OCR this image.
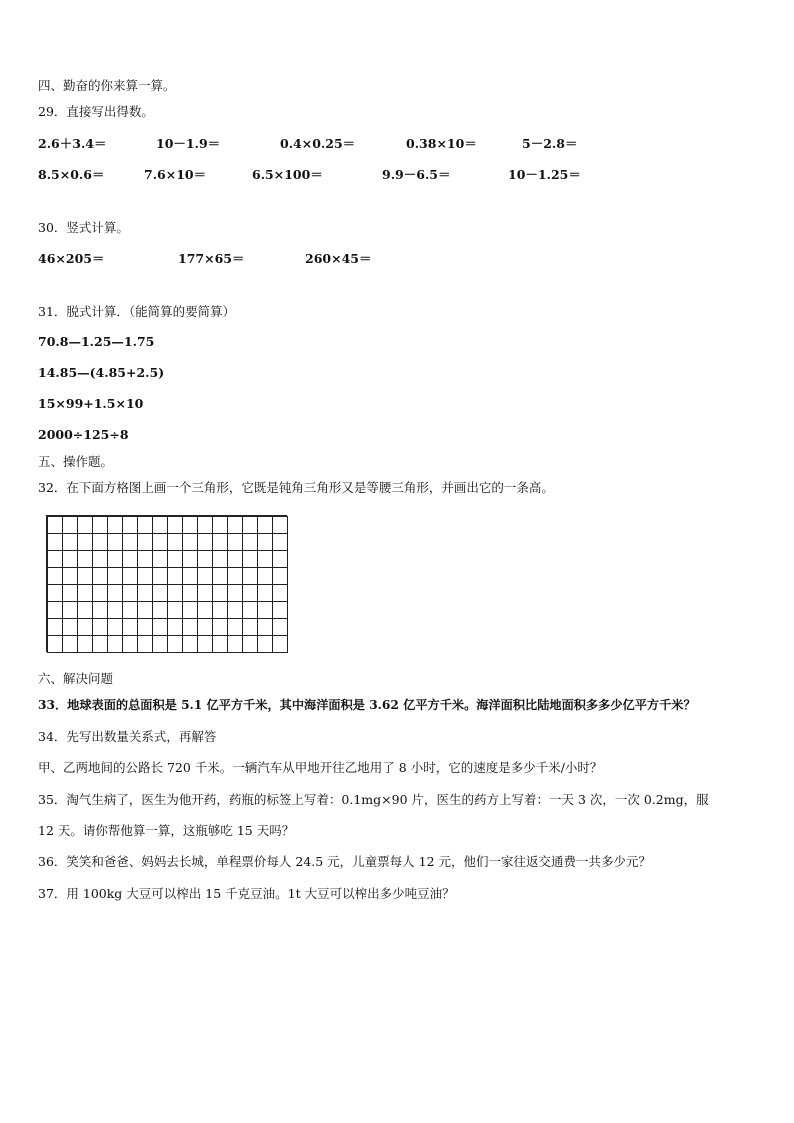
四、勤奋的你来算一算。
29．直接写出得数。
2.6＋3.4＝	10－1.9＝	0.4×0.25＝	0.38×10＝	5－2.8＝
8.5×0.6＝	7.6×10＝	6.5×100＝	9.9－6.5＝	10－1.25＝
30．竖式计算。
46×205＝	177×65＝	260×45＝
31．脱式计算．（能简算的要简算）
70.8—1.25—1.75
14.85—(4.85+2.5)
15×99+1.5×10
2000÷125÷8
五、操作题。
32．在下面方格图上画一个三角形，它既是钝角三角形又是等腰三角形，并画出它的一条高。
六、解决问题
33．地球表面的总面积是 5.1 亿平方千米，其中海洋面积是 3.62 亿平方千米。海洋面积比陆地面积多多少亿平方千米？
34．先写出数量关系式，再解答
甲、乙两地间的公路长 720 千米。一辆汽车从甲地开往乙地用了 8 小时，它的速度是多少千米/小时？
35．淘气生病了，医生为他开药，药瓶的标签上写着：0.1mg×90 片，医生的药方上写着：一天 3 次，一次 0.2mg，服
12 天。请你帮他算一算，这瓶够吃 15 天吗？
36．笑笑和爸爸、妈妈去长城，单程票价每人 24.5 元，儿童票每人 12 元，他们一家往返交通费一共多少元？
37．用 100kg 大豆可以榨出 15 千克豆油。1t 大豆可以榨出多少吨豆油？
